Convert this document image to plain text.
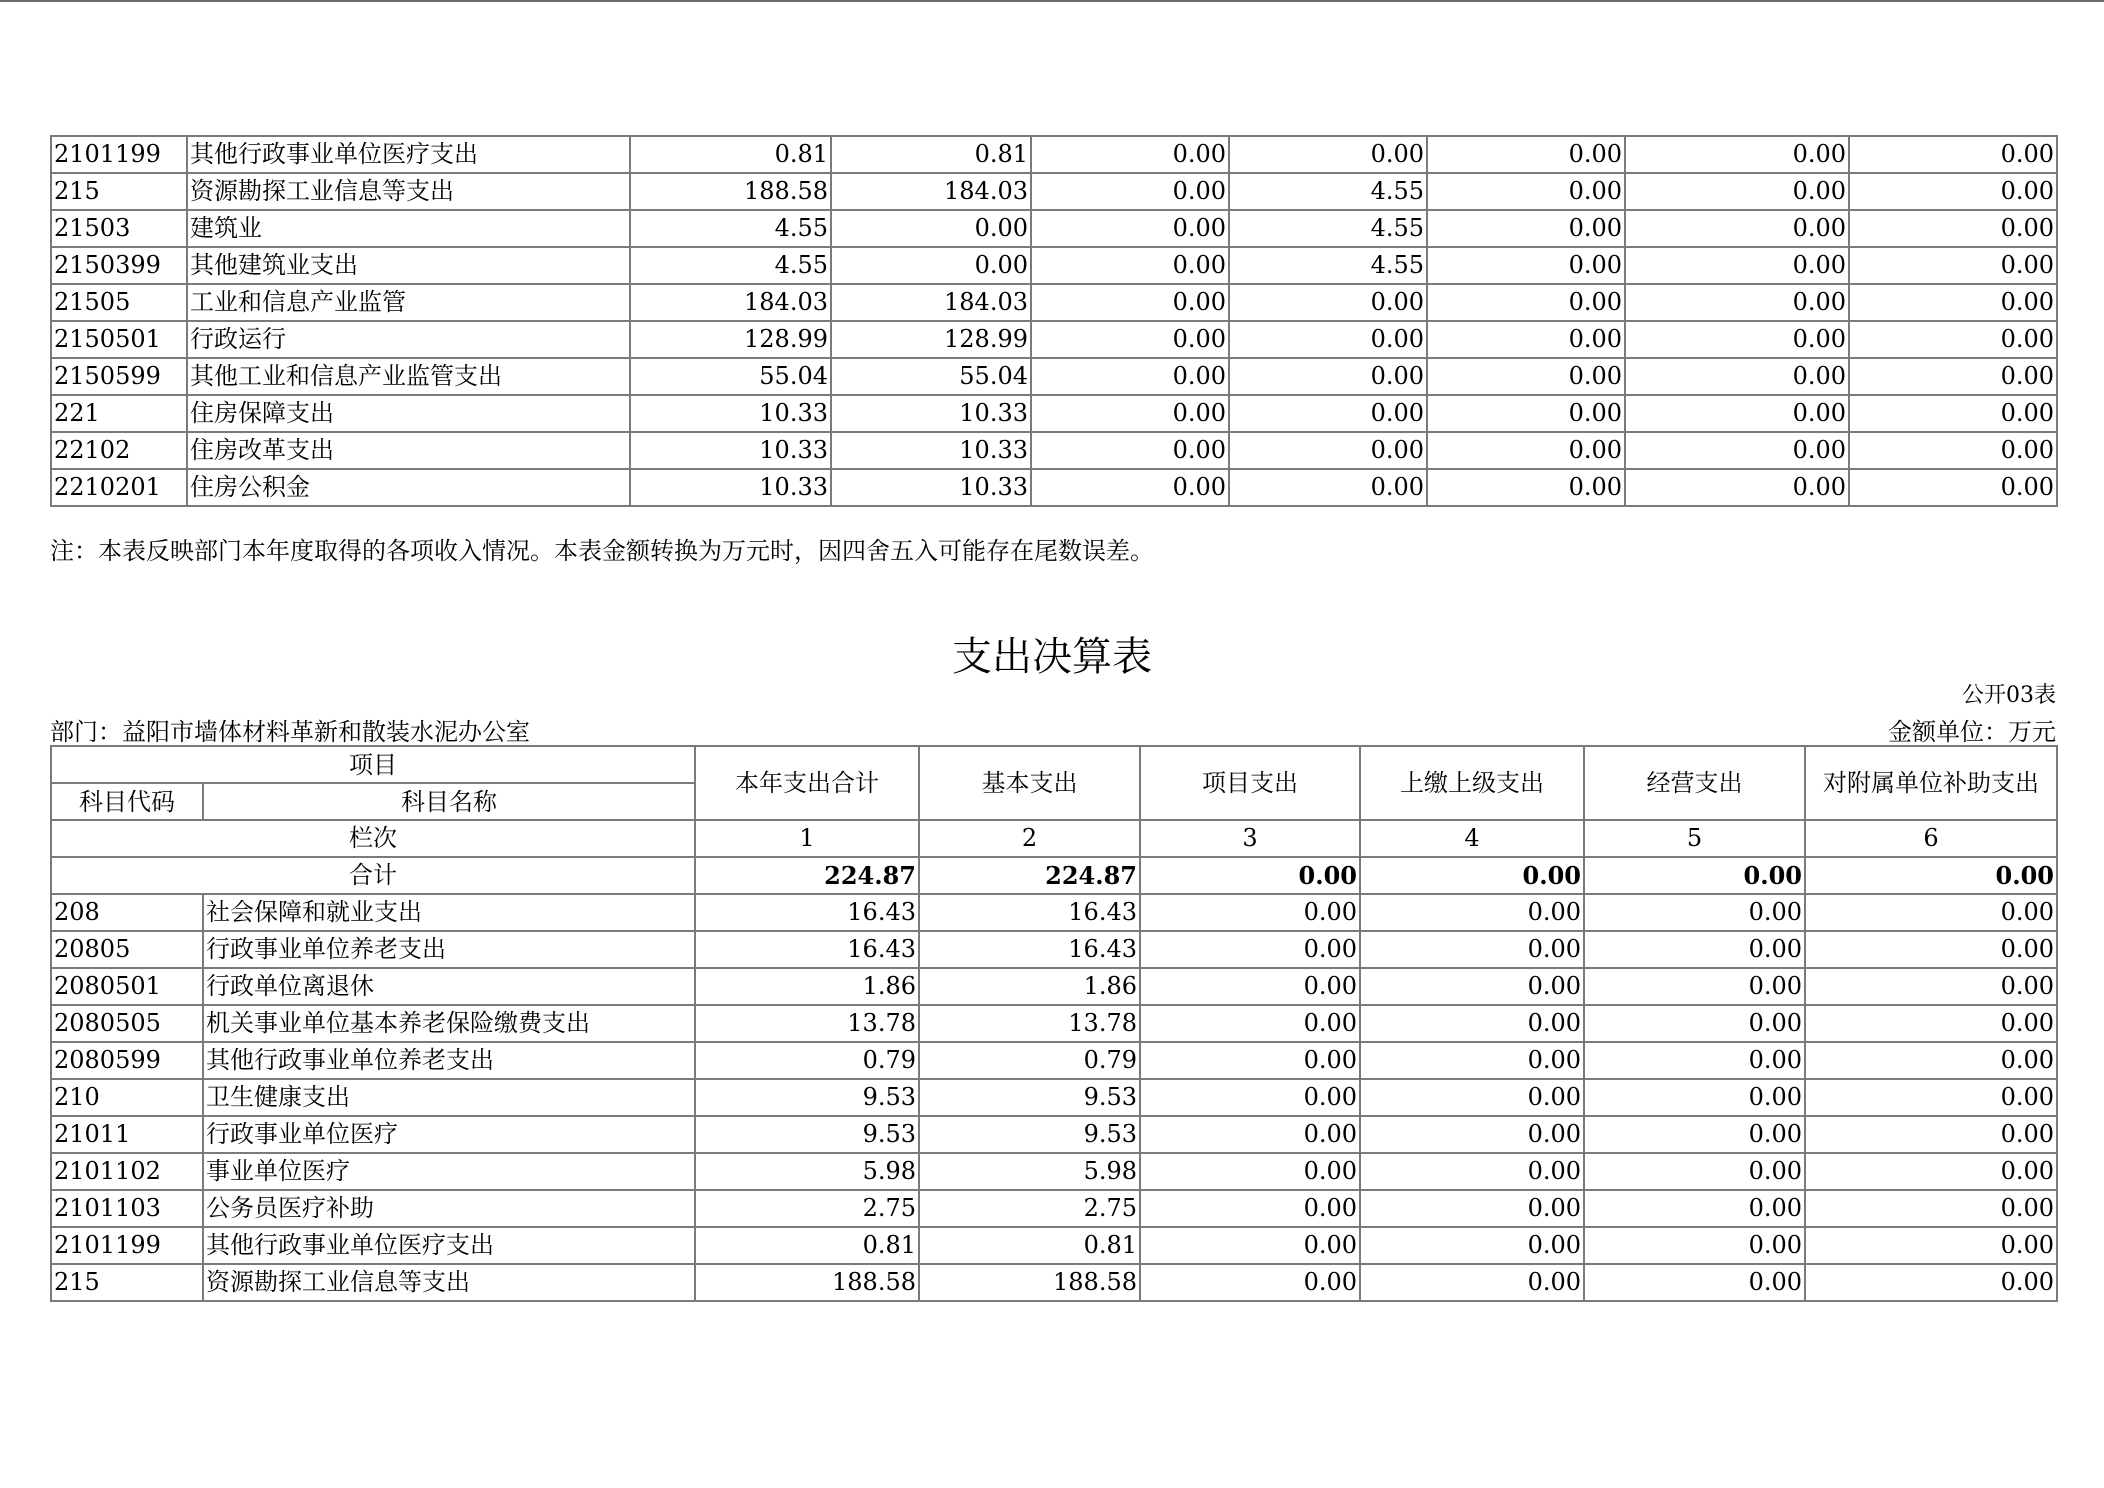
2101199	其他行政事业单位医疗支出	0.81	0.81	0.00	0.00	0.00	0.00	0.00
215	资源勘探工业信息等支出	188.58	184.03	0.00	4.55	0.00	0.00	0.00
21503	建筑业	4.55	0.00	0.00	4.55	0.00	0.00	0.00
2150399	其他建筑业支出	4.55	0.00	0.00	4.55	0.00	0.00	0.00
21505	工业和信息产业监管	184.03	184.03	0.00	0.00	0.00	0.00	0.00
2150501	行政运行	128.99	128.99	0.00	0.00	0.00	0.00	0.00
2150599	其他工业和信息产业监管支出	55.04	55.04	0.00	0.00	0.00	0.00	0.00
221	住房保障支出	10.33	10.33	0.00	0.00	0.00	0.00	0.00
22102	住房改革支出	10.33	10.33	0.00	0.00	0.00	0.00	0.00
2210201	住房公积金	10.33	10.33	0.00	0.00	0.00	0.00	0.00
注：本表反映部门本年度取得的各项收入情况。本表金额转换为万元时，因四舍五入可能存在尾数误差。
支出决算表
公开03表
部门：益阳市墙体材料革新和散装水泥办公室	金额单位：万元
项目		本年支出合计	基本支出	项目支出	上缴上级支出	经营支出	对附属单位补助支出
科目代码	科目名称						
栏次		1	2	3	4	5	6
合计		224.87	224.87	0.00	0.00	0.00	0.00
208	社会保障和就业支出	16.43	16.43	0.00	0.00	0.00	0.00
20805	行政事业单位养老支出	16.43	16.43	0.00	0.00	0.00	0.00
2080501	行政单位离退休	1.86	1.86	0.00	0.00	0.00	0.00
2080505	机关事业单位基本养老保险缴费支出	13.78	13.78	0.00	0.00	0.00	0.00
2080599	其他行政事业单位养老支出	0.79	0.79	0.00	0.00	0.00	0.00
210	卫生健康支出	9.53	9.53	0.00	0.00	0.00	0.00
21011	行政事业单位医疗	9.53	9.53	0.00	0.00	0.00	0.00
2101102	事业单位医疗	5.98	5.98	0.00	0.00	0.00	0.00
2101103	公务员医疗补助	2.75	2.75	0.00	0.00	0.00	0.00
2101199	其他行政事业单位医疗支出	0.81	0.81	0.00	0.00	0.00	0.00
215	资源勘探工业信息等支出	188.58	188.58	0.00	0.00	0.00	0.00
